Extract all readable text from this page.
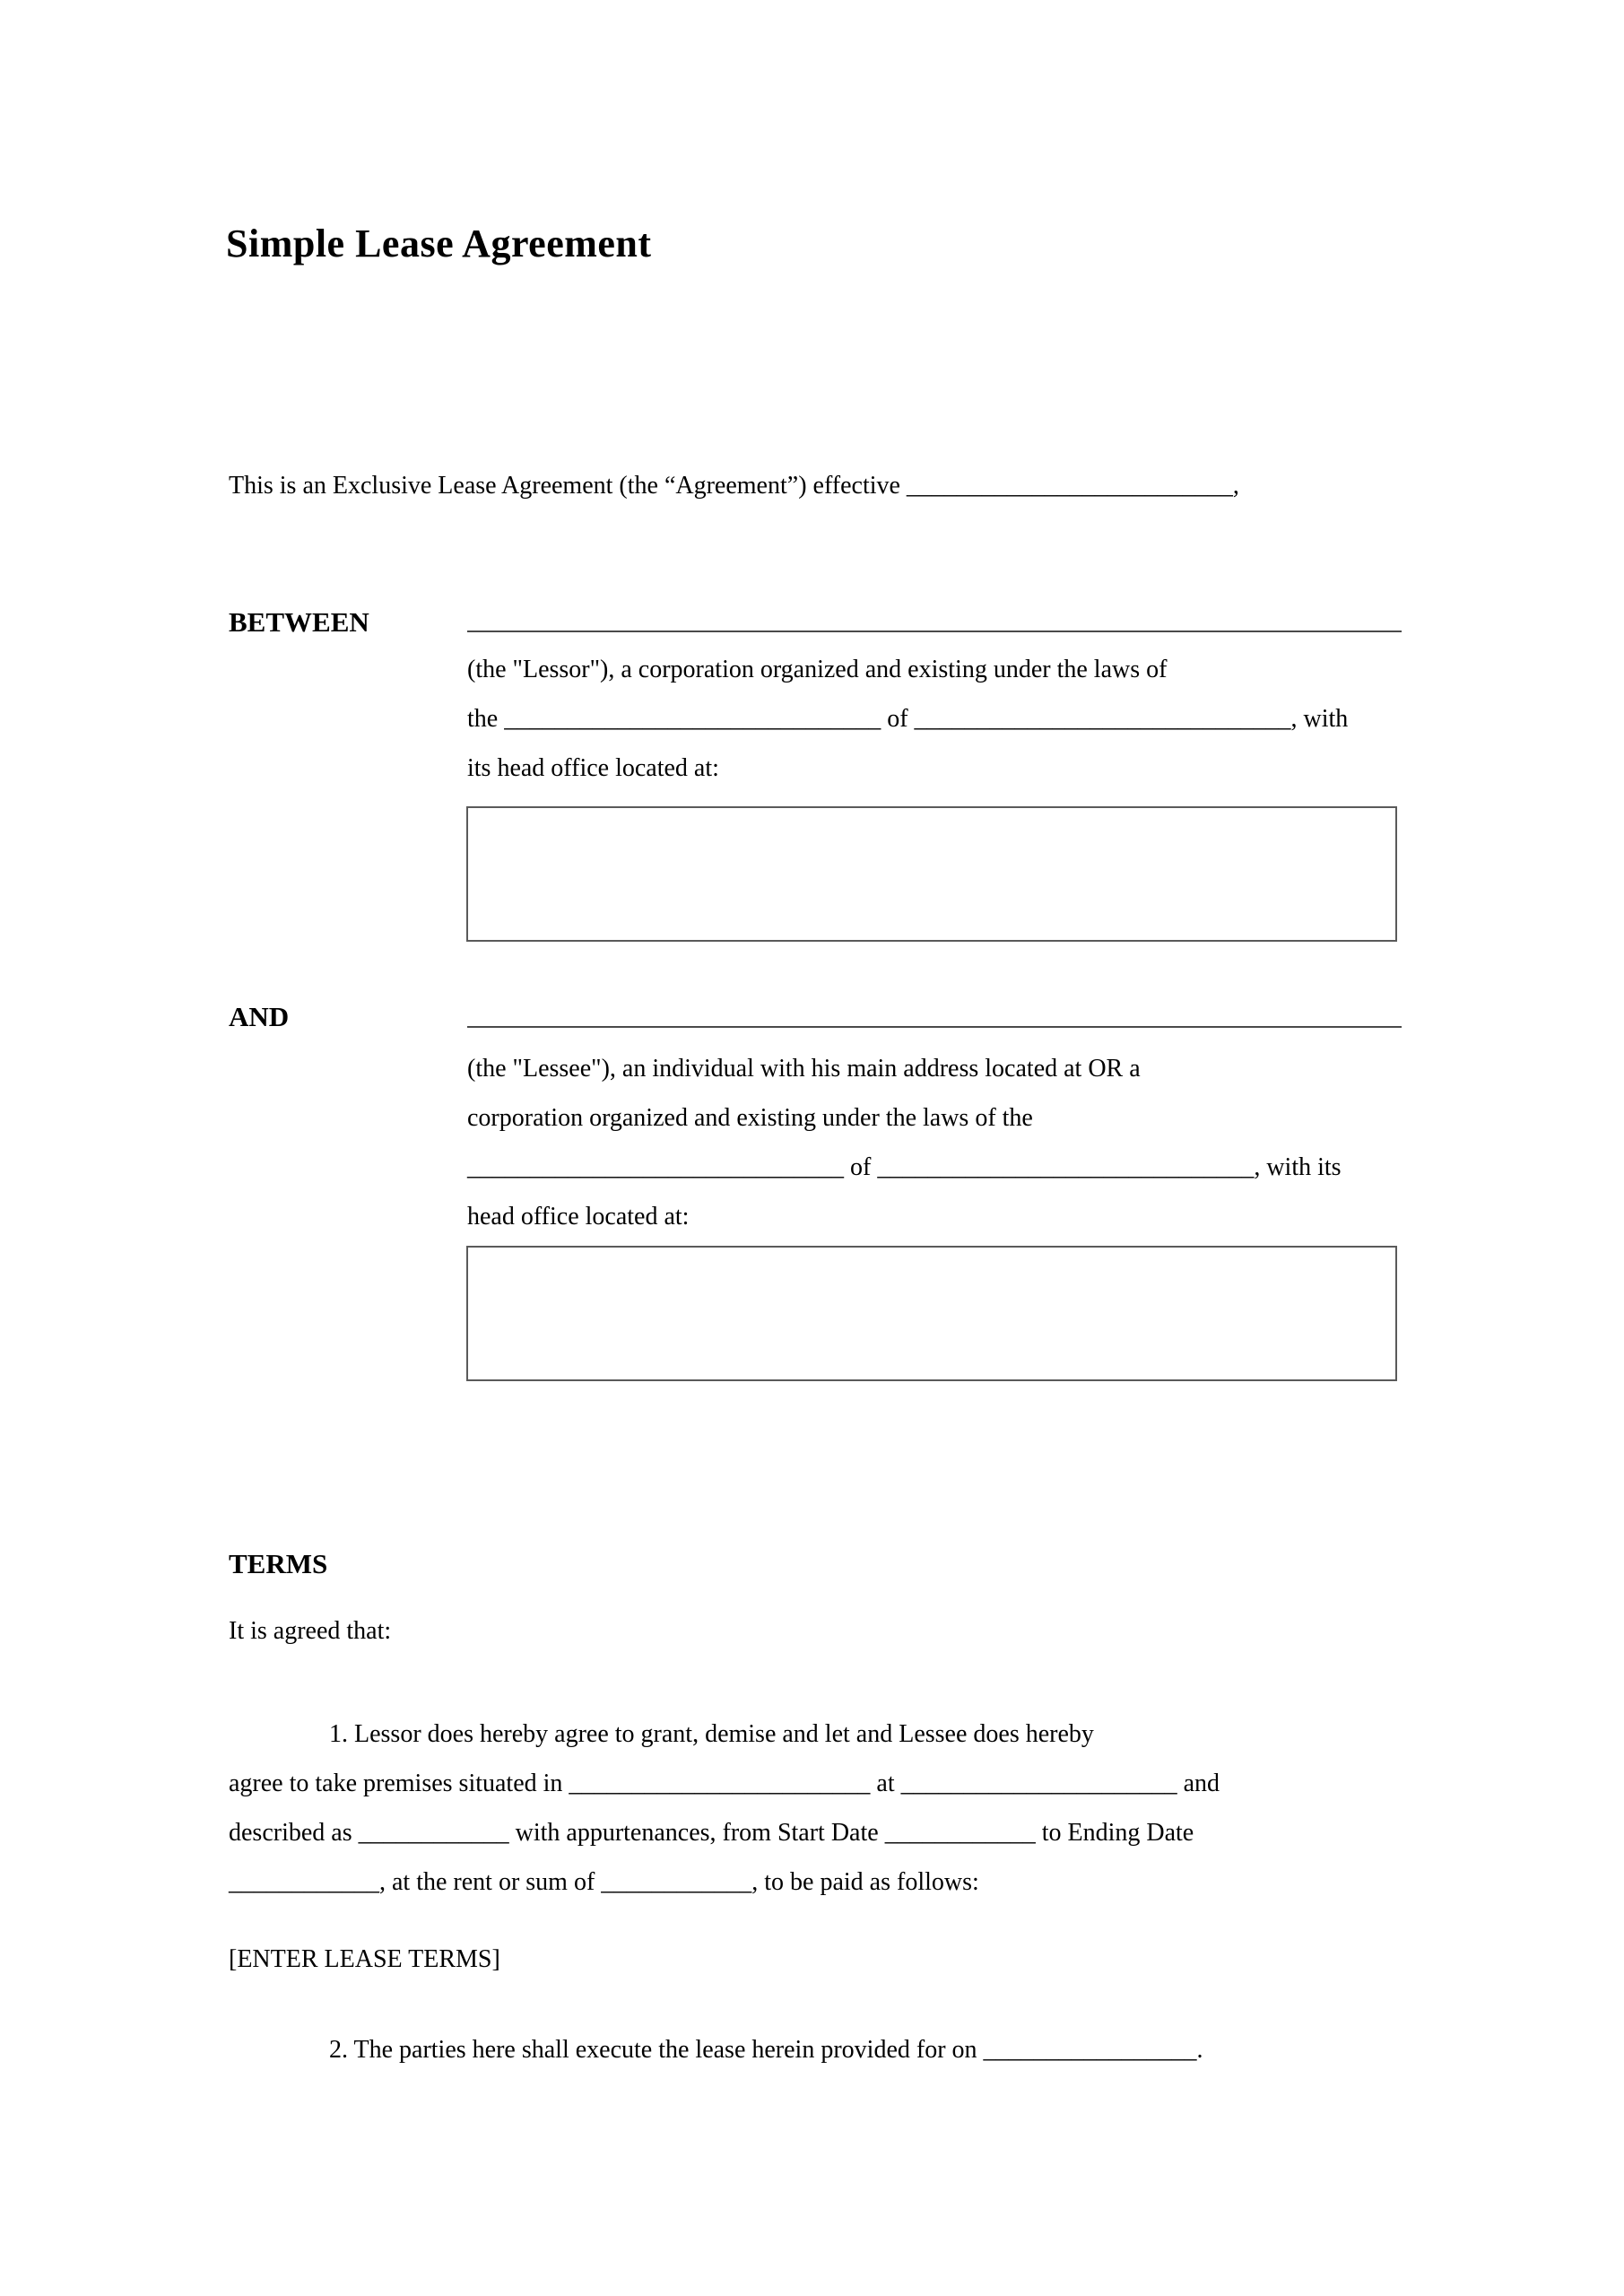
Simple Lease Agreement
This is an Exclusive Lease Agreement (the “Agreement”) effective __________________________,
BETWEEN
(the "Lessor"), a corporation organized and existing under the laws of
the ______________________________ of ______________________________, with
its head office located at:
AND
(the "Lessee"), an individual with his main address located at OR a
corporation organized and existing under the laws of the
______________________________ of ______________________________, with its
head office located at:
TERMS
It is agreed that:
1. Lessor does hereby agree to grant, demise and let and Lessee does hereby
agree to take premises situated in ________________________ at ______________________ and
described as ____________ with appurtenances, from Start Date ____________ to Ending Date
____________, at the rent or sum of ____________, to be paid as follows:
[ENTER LEASE TERMS]
2. The parties here shall execute the lease herein provided for on _________________.
